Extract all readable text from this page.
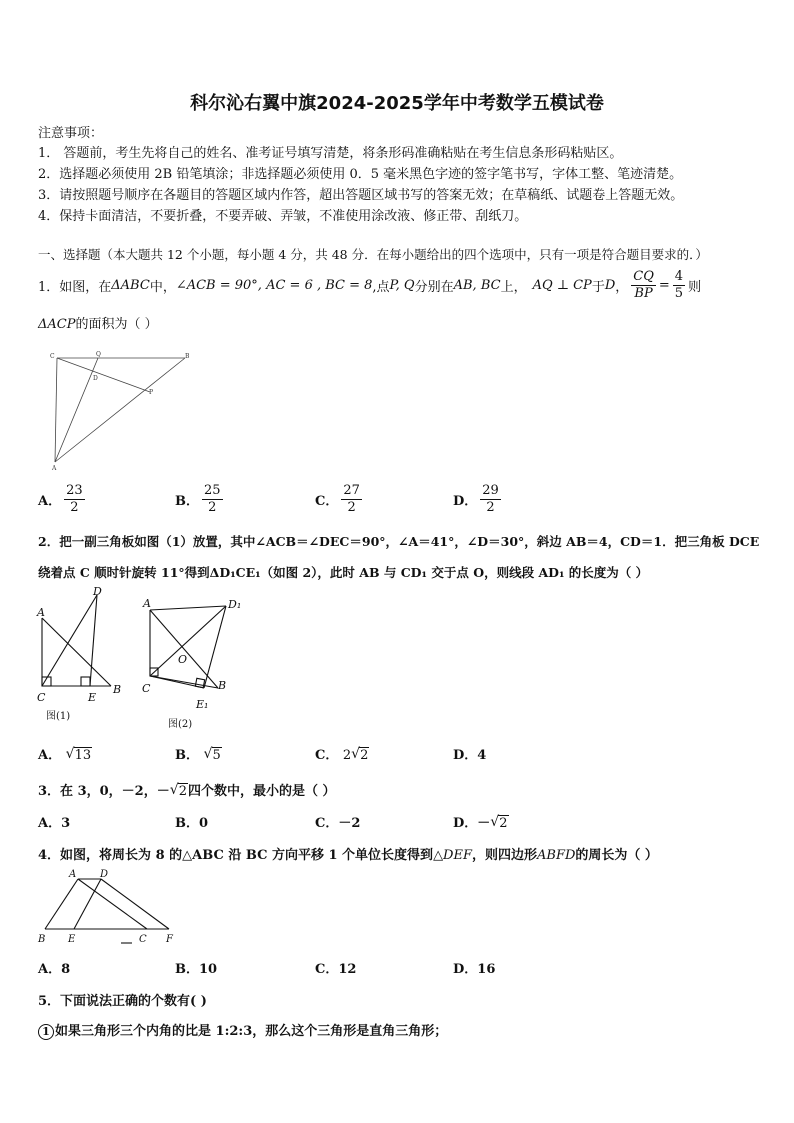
科尔沁右翼中旗2024-2025学年中考数学五模试卷
注意事项：
1． 答题前，考生先将自己的姓名、准考证号填写清楚，将条形码准确粘贴在考生信息条形码粘贴区。
2．选择题必须使用 2B 铅笔填涂；非选择题必须使用 0．5 毫米黑色字迹的签字笔书写，字体工整、笔迹清楚。
3．请按照题号顺序在各题目的答题区域内作答，超出答题区域书写的答案无效；在草稿纸、试题卷上答题无效。
4．保持卡面清洁，不要折叠，不要弄破、弄皱，不准使用涂改液、修正带、刮纸刀。
一、选择题（本大题共 12 个小题，每小题 4 分，共 48 分．在每小题给出的四个选项中，只有一项是符合题目要求的．）
1．如图，在 ΔABC 中， ∠ACB = 90°, AC = 6 , BC = 8 ,点 P, Q 分别在 AB, BC 上， AQ ⊥ CP 于 D ， $\frac{CQ}{BP} = \frac{4}{5}$ 则
ΔACP的面积为（ ）
C	Q	B
D
P
A
A． $\frac{23}{2}$	B． $\frac{25}{2}$	C． $\frac{27}{2}$	D． $\frac{29}{2}$
2．把一副三角板如图（1）放置，其中∠ACB＝∠DEC＝90°，∠A＝41°，∠D＝30°，斜边 AB＝4，CD＝1．把三角板 DCE
绕着点 C 顺时针旋转 11°得到ΔD₁CE₁（如图 2），此时 AB 与 CD₁ 交于点 O，则线段 AD₁ 的长度为（ ）
D
A
C	E
B
图(1)
A	D₁
O
C	B
E₁
图(2)
A． √ 13	B． √ 5	C． 2 √ 2	D．4
3．在 3，0，－2，－ √ 2四个数中，最小的是（ ）
A．3	B．0	C．－2	D．－ √ 2
4．如图，将周长为 8 的△ABC 沿 BC 方向平移 1 个单位长度得到△DEF，则四边形ABFD的周长为（ ）
A D
B E	C F
A．8	B．10	C．12	D．16
5．下面说法正确的个数有( )
1 如果三角形三个内角的比是 1:2:3，那么这个三角形是直角三角形；
